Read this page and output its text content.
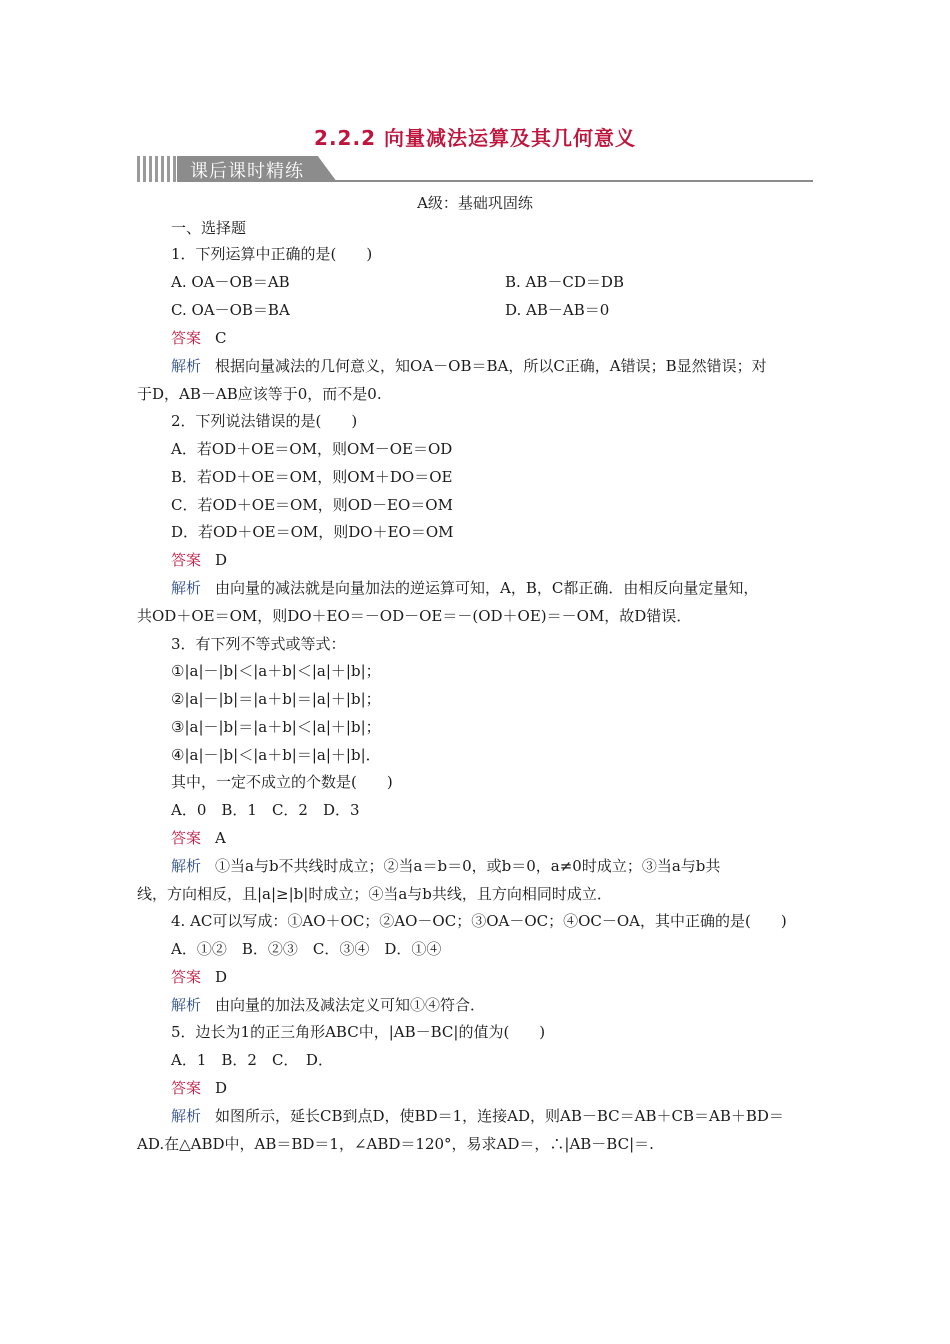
2.2.2 向量减法运算及其几何意义
课后课时精练
A级：基础巩固练
一、选择题
1．下列运算中正确的是(　　)
A. OA－OB＝AB	B. AB－CD＝DB
C. OA－OB＝BA	D. AB－AB＝0
答案 C
解析 根据向量减法的几何意义，知OA－OB＝BA，所以C正确，A错误；B显然错误；对
于D，AB－AB应该等于0，而不是0.
2．下列说法错误的是(　　)
A．若OD＋OE＝OM，则OM－OE＝OD
B．若OD＋OE＝OM，则OM＋DO＝OE
C．若OD＋OE＝OM，则OD－EO＝OM
D．若OD＋OE＝OM，则DO＋EO＝OM
答案 D
解析 由向量的减法就是向量加法的逆运算可知，A，B，C都正确．由相反向量定量知，
共OD＋OE＝OM，则DO＋EO＝－OD－OE＝－(OD＋OE)＝－OM，故D错误．
3．有下列不等式或等式：
①|a|－|b|＜|a＋b|＜|a|＋|b|；
②|a|－|b|＝|a＋b|＝|a|＋|b|；
③|a|－|b|＝|a＋b|＜|a|＋|b|；
④|a|－|b|＜|a＋b|＝|a|＋|b|．
其中，一定不成立的个数是(　　)
A．0　B．1　C．2　D．3
答案 A
解析 ①当a与b不共线时成立；②当a＝b＝0，或b＝0，a≠0时成立；③当a与b共
线，方向相反，且|a|≥|b|时成立；④当a与b共线，且方向相同时成立．
4. AC可以写成：①AO＋OC；②AO－OC；③OA－OC；④OC－OA，其中正确的是(　　)
A．①②　B．②③　C．③④　D．①④
答案 D
解析 由向量的加法及减法定义可知①④符合．
5．边长为1的正三角形ABC中，|AB－BC|的值为(　　)
A．1　B．2　C．　D．
答案 D
解析 如图所示，延长CB到点D，使BD＝1，连接AD，则AB－BC＝AB＋CB＝AB＋BD＝
AD.在△ABD中，AB＝BD＝1，∠ABD＝120°，易求AD＝，∴|AB－BC|＝.
